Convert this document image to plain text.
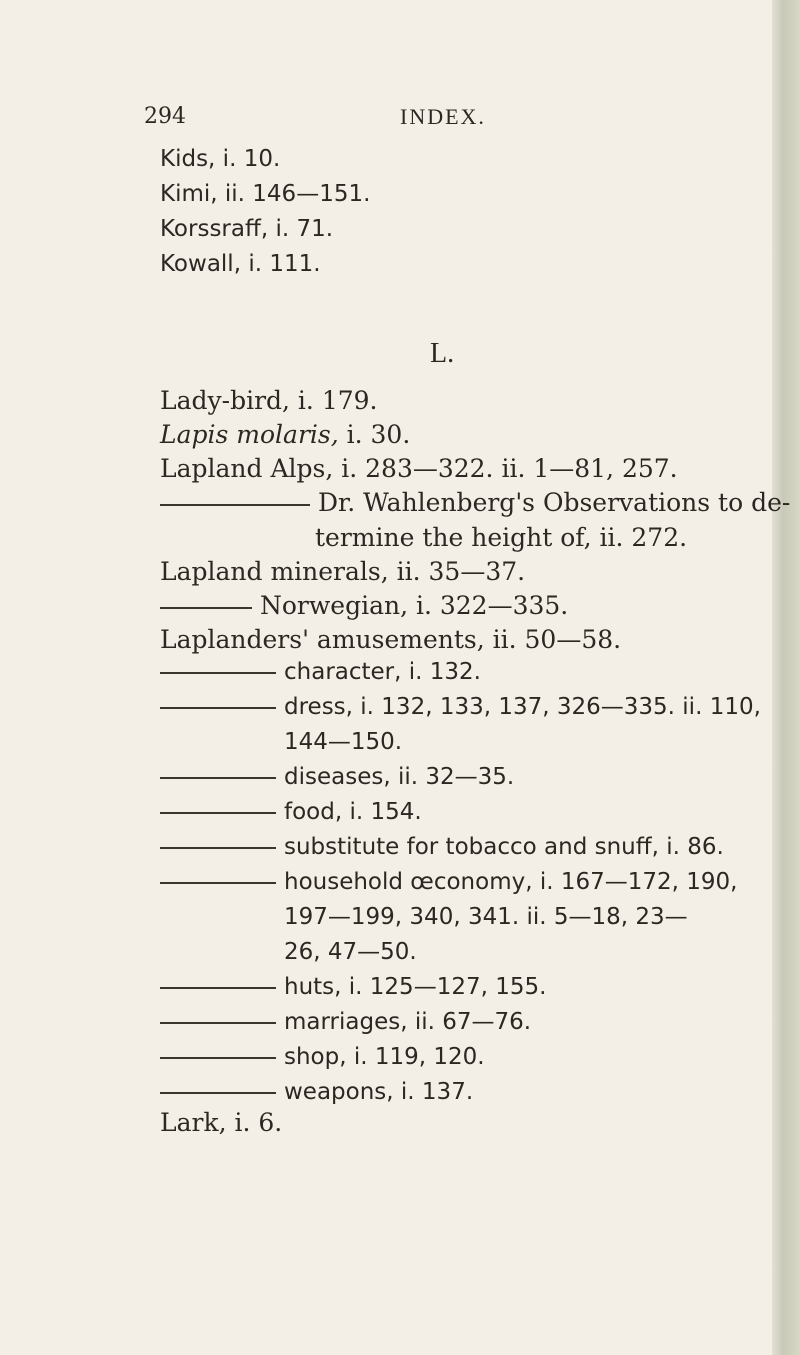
294	INDEX.
Kids, i. 10.
Kimi, ii. 146—151.
Korssraff, i. 71.
Kowall, i. 111.
L.
Lady-bird, i. 179.
Lapis molaris, i. 30.
Lapland Alps, i. 283—322. ii. 1—81, 257.
Dr. Wahlenberg's Observations to de-
termine the height of, ii. 272.
Lapland minerals, ii. 35—37.
Norwegian, i. 322—335.
Laplanders' amusements, ii. 50—58.
character, i. 132.
dress, i. 132, 133, 137, 326—335. ii. 110,
144—150.
diseases, ii. 32—35.
food, i. 154.
substitute for tobacco and snuff, i. 86.
household œconomy, i. 167—172, 190,
197—199, 340, 341. ii. 5—18, 23—
26, 47—50.
huts, i. 125—127, 155.
marriages, ii. 67—76.
shop, i. 119, 120.
weapons, i. 137.
Lark, i. 6.
